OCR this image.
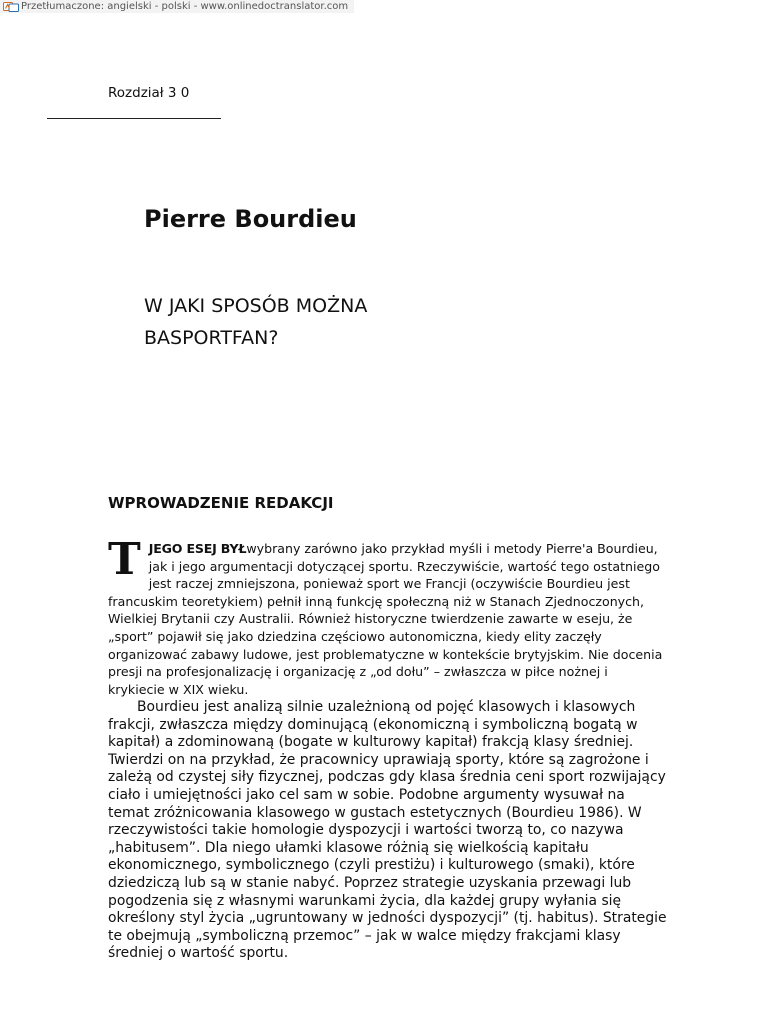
Przetłumaczone: angielski - polski - www.onlinedoctranslator.com
Rozdział 3 0
Pierre Bourdieu
W JAKI SPOSÓB MOŻNA
BASPORTFAN?
WPROWADZENIE REDAKCJI
T JEGO ESEJ BYŁwybrany zarówno jako przykład myśli i metody Pierre'a Bourdieu, jak i jego argumentacji dotyczącej sportu. Rzeczywiście, wartość tego ostatniego jest raczej zmniejszona, ponieważ sport we Francji (oczywiście Bourdieu jest francuskim teoretykiem) pełnił inną funkcję społeczną niż w Stanach Zjednoczonych, Wielkiej Brytanii czy Australii. Również historyczne twierdzenie zawarte w eseju, że „sport” pojawił się jako dziedzina częściowo autonomiczna, kiedy elity zaczęły organizować zabawy ludowe, jest problematyczne w kontekście brytyjskim. Nie docenia presji na profesjonalizację i organizację z „od dołu” – zwłaszcza w piłce nożnej i krykiecie w XIX wieku.
Bourdieu jest analizą silnie uzależnioną od pojęć klasowych i klasowych frakcji, zwłaszcza między dominującą (ekonomiczną i symboliczną bogatą w kapitał) a zdominowaną (bogate w kulturowy kapitał) frakcją klasy średniej. Twierdzi on na przykład, że pracownicy uprawiają sporty, które są zagrożone i zależą od czystej siły fizycznej, podczas gdy klasa średnia ceni sport rozwijający ciało i umiejętności jako cel sam w sobie. Podobne argumenty wysuwał na temat zróżnicowania klasowego w gustach estetycznych (Bourdieu 1986). W rzeczywistości takie homologie dyspozycji i wartości tworzą to, co nazywa „habitusem”. Dla niego ułamki klasowe różnią się wielkością kapitału ekonomicznego, symbolicznego (czyli prestiżu) i kulturowego (smaki), które dziedziczą lub są w stanie nabyć. Poprzez strategie uzyskania przewagi lub pogodzenia się z własnymi warunkami życia, dla każdej grupy wyłania się określony styl życia „ugruntowany w jedności dyspozycji” (tj. habitus). Strategie te obejmują „symboliczną przemoc” – jak w walce między frakcjami klasy średniej o wartość sportu.
